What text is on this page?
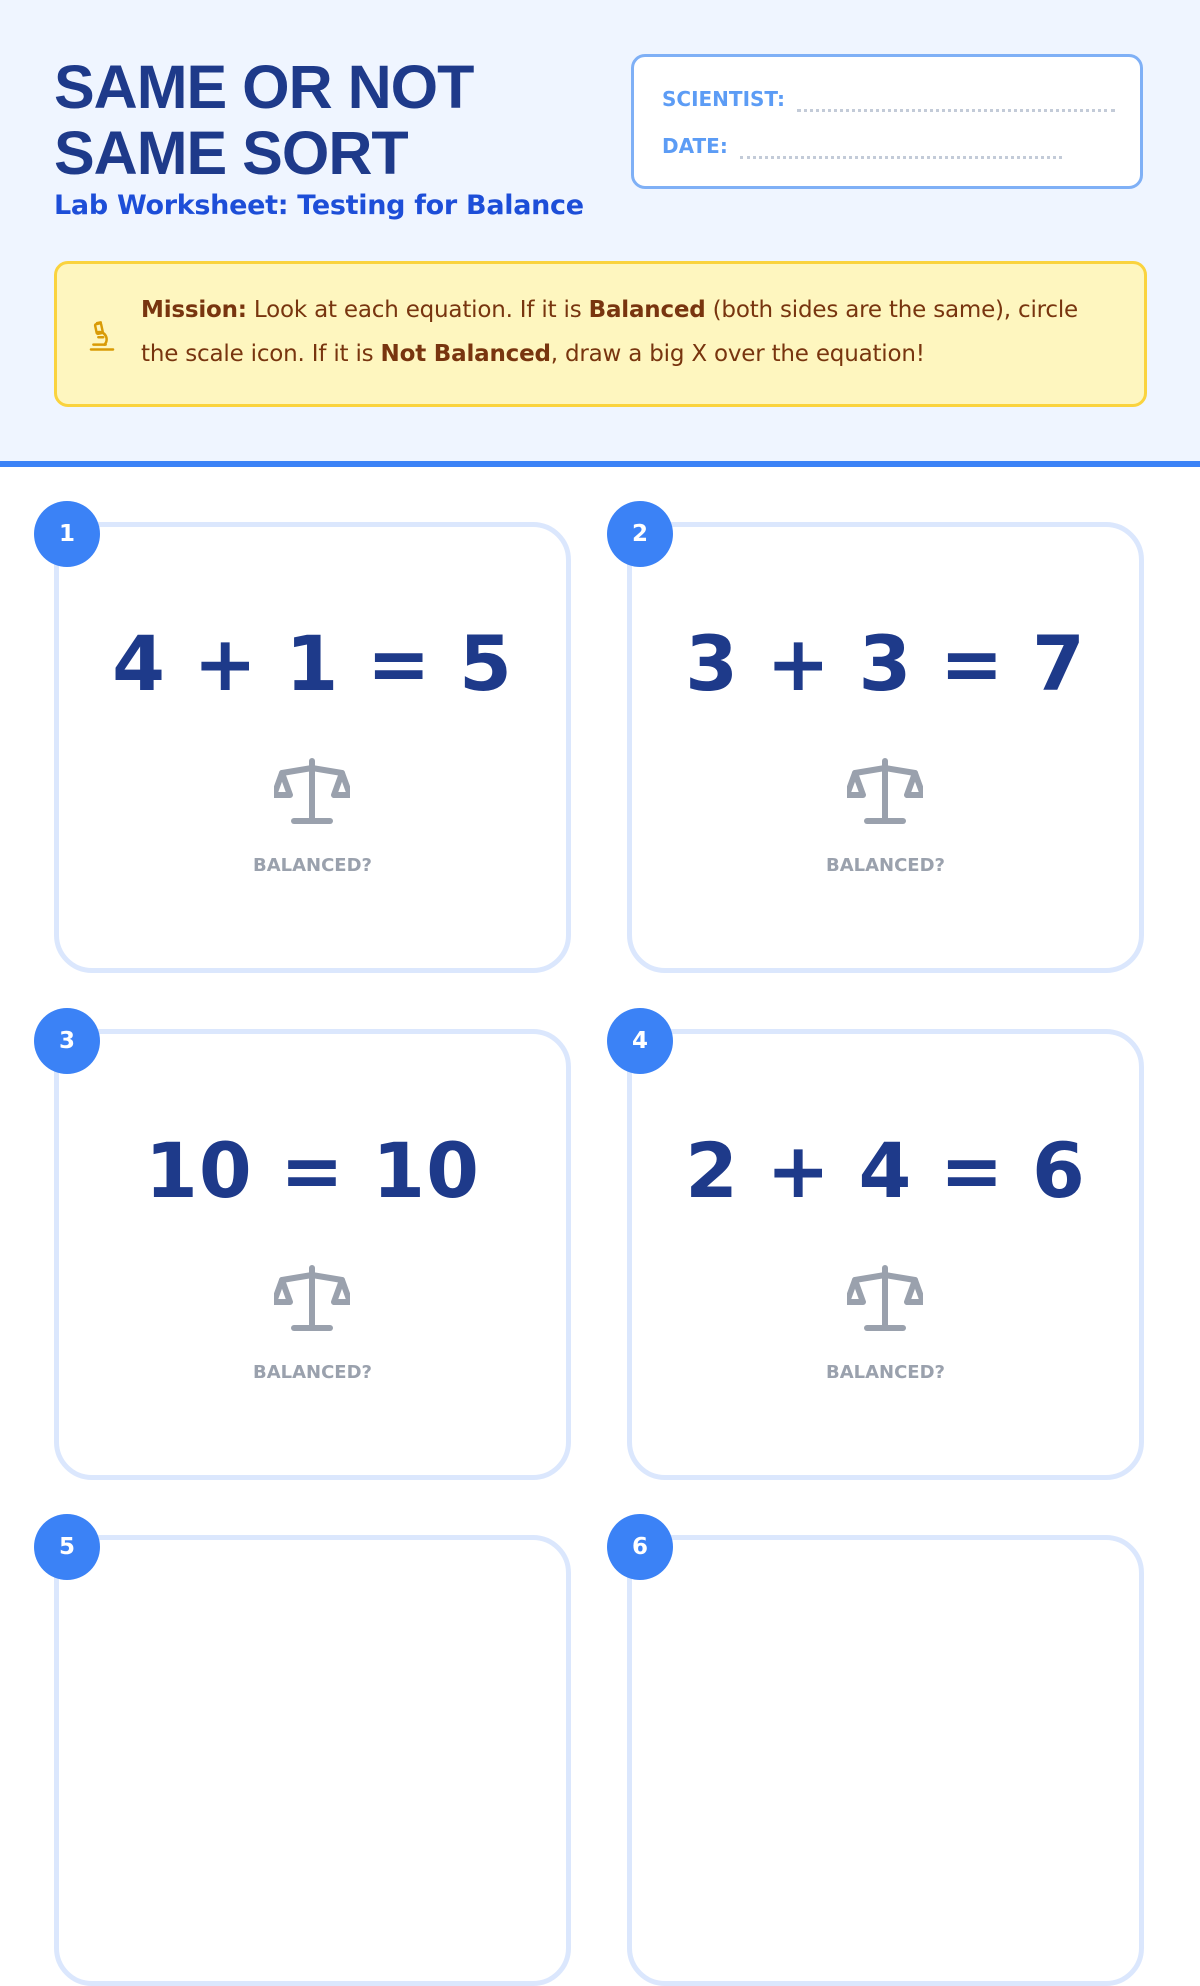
SAME OR NOT SAME SORT
Lab Worksheet: Testing for Balance
SCIENTIST:
DATE:
Mission: Look at each equation. If it is Balanced (both sides are the same), circle the scale icon. If it is Not Balanced, draw a big X over the equation!
4 + 1 = 5
BALANCED?
1
3 + 3 = 7
BALANCED?
2
10 = 10
BALANCED?
3
2 + 4 = 6
BALANCED?
4
5	6
